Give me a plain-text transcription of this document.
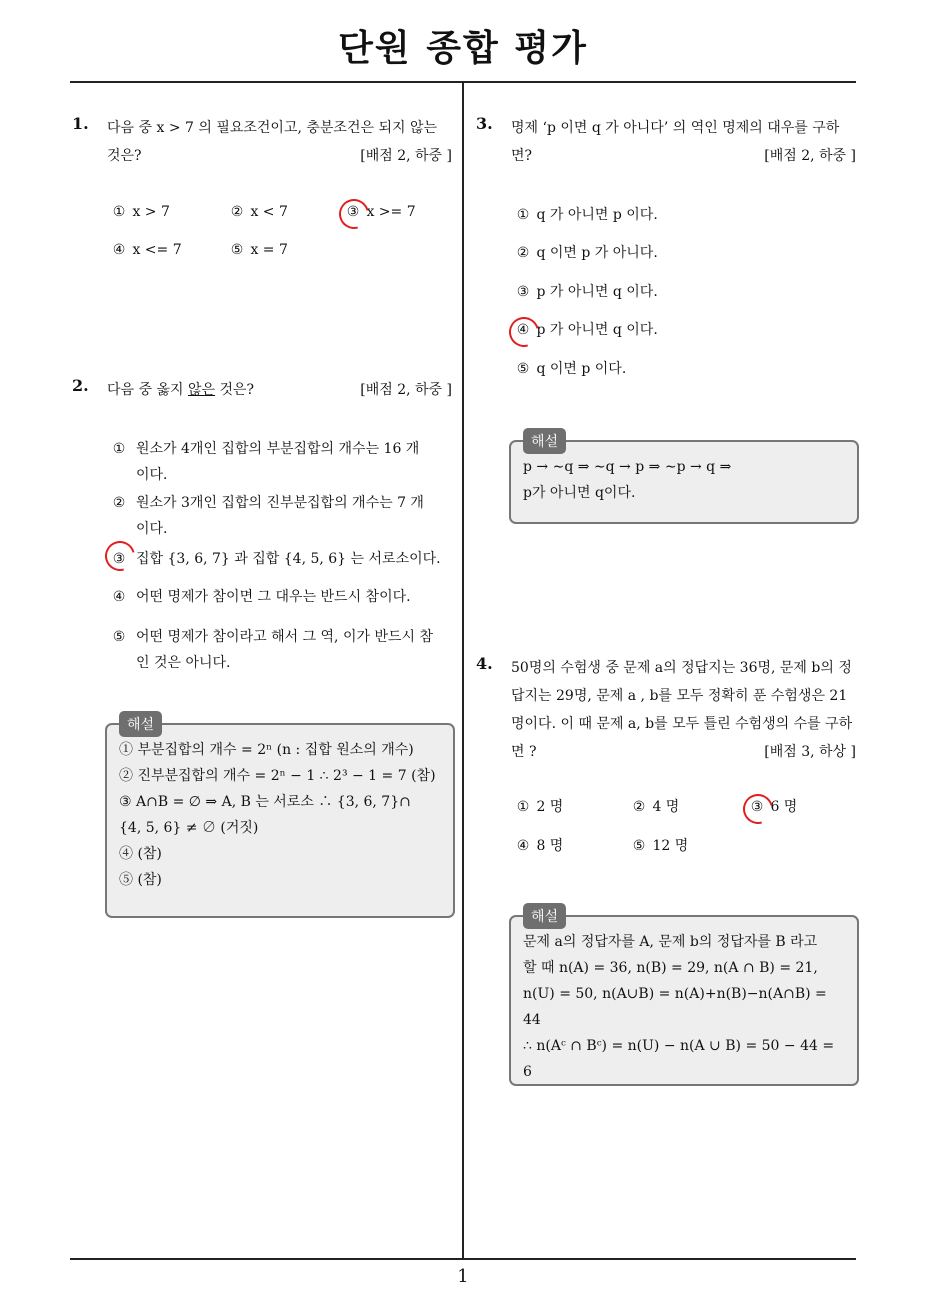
단원 종합 평가
1
1. 다음 중 x > 7 의 필요조건이고, 충분조건은 되지 않는 것은?	[배점 2, 하중 ]
① x > 7	② x < 7	③ x >= 7
④ x <= 7	⑤ x = 7
2. 다음 중 옳지 않은 것은?	[배점 2, 하중 ]
① 원소가 4개인 집합의 부분집합의 개수는 16 개이다.
② 원소가 3개인 집합의 진부분집합의 개수는 7 개이다.
③ 집합 {3, 6, 7} 과 집합 {4, 5, 6} 는 서로소이다.
④ 어떤 명제가 참이면 그 대우는 반드시 참이다.
⑤ 어떤 명제가 참이라고 해서 그 역, 이가 반드시 참인 것은 아니다.
해설
① 부분집합의 개수 = 2ⁿ (n : 집합 원소의 개수)
② 진부분집합의 개수 = 2ⁿ − 1 ∴ 2³ − 1 = 7 (참)
③ A∩B = ∅ ⇒ A, B 는 서로소 ∴ {3, 6, 7}∩
{4, 5, 6} ≠ ∅ (거짓)
④ (참)
⑤ (참)
3. 명제 ‘p 이면 q 가 아니다’ 의 역인 명제의 대우를 구하면?	[배점 2, 하중 ]
① q 가 아니면 p 이다.
② q 이면 p 가 아니다.
③ p 가 아니면 q 이다.
④ p 가 아니면 q 이다.
⑤ q 이면 p 이다.
해설
p → ∼q ⇒ ∼q → p ⇒ ∼p → q ⇒
p가 아니면 q이다.
4. 50명의 수험생 중 문제 a의 정답지는 36명, 문제 b의 정답지는 29명, 문제 a , b를 모두 정확히 푼 수험생은 21명이다. 이 때 문제 a, b를 모두 틀린 수험생의 수를 구하면 ?	[배점 3, 하상 ]
① 2 명	② 4 명	③ 6 명
④ 8 명	⑤ 12 명
해설
문제 a의 정답자를 A, 문제 b의 정답자를 B 라고
할 때 n(A) = 36, n(B) = 29, n(A ∩ B) = 21,
n(U) = 50, n(A∪B) = n(A)+n(B)−n(A∩B) =
44
∴ n(Aᶜ ∩ Bᶜ) = n(U) − n(A ∪ B) = 50 − 44 = 6
